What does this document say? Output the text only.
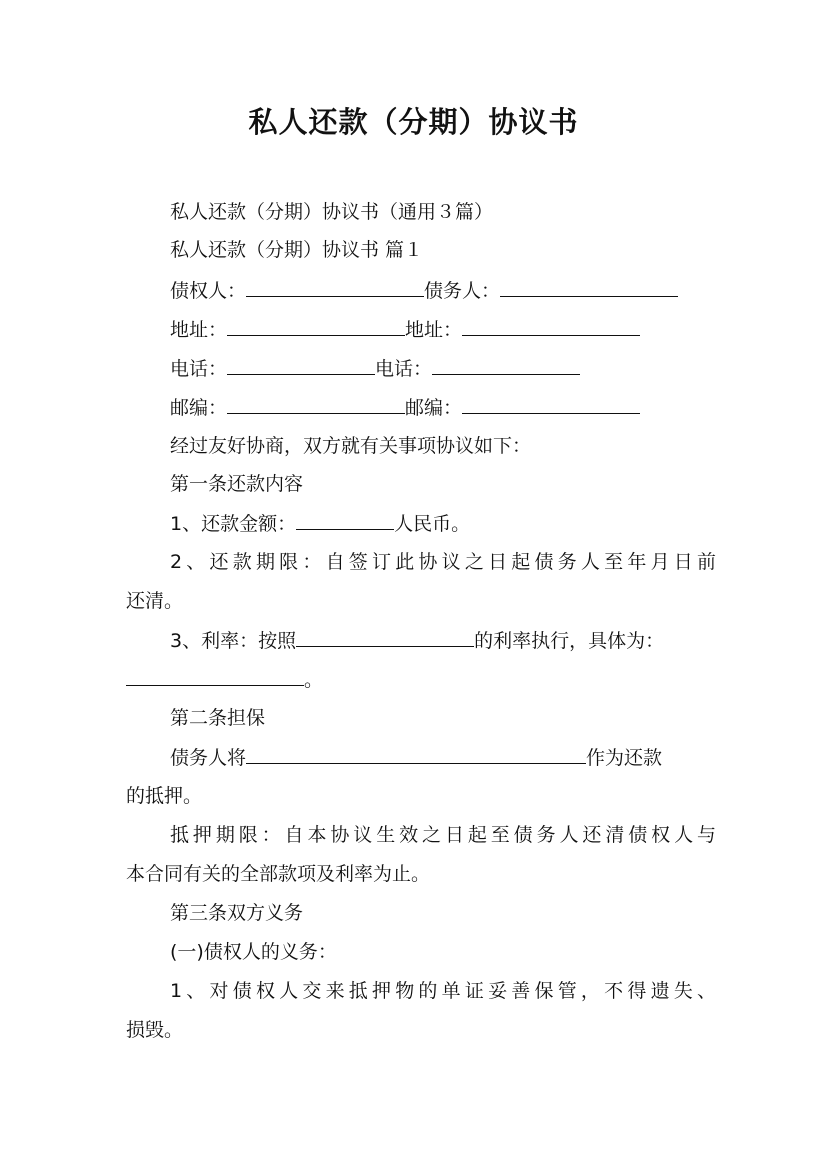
私人还款（分期）协议书
私人还款（分期）协议书（通用３篇）
私人还款（分期）协议书 篇１
债权人：	债务人：
地址：	地址：
电话：	电话：
邮编：	邮编：
经过友好协商，双方就有关事项协议如下：
第一条还款内容
1、还款金额：	人民币。
2、还款期限：自签订此协议之日起债务人至年月日前
还清。
3、利率：按照	的利率执行，具体为：
。
第二条担保
债务人将	作为还款
的抵押。
抵押期限：自本协议生效之日起至债务人还清债权人与
本合同有关的全部款项及利率为止。
第三条双方义务
(一)债权人的义务：
1、对债权人交来抵押物的单证妥善保管，不得遗失、
损毁。
